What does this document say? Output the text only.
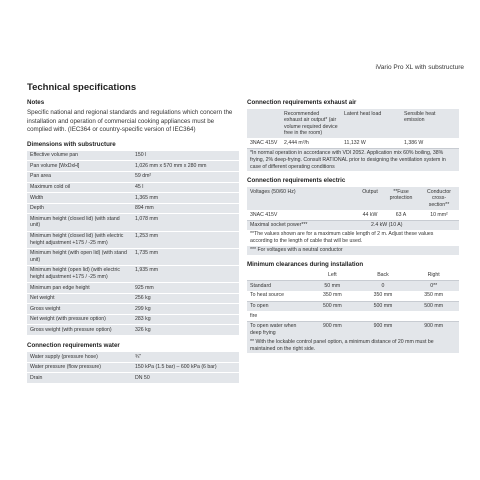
iVario Pro XL with substructure
Technical specifications
Notes
Specific national and regional standards and regulations which concern the installation and operation of commercial cooking appliances must be complied with. (IEC364 or country-specific version of IEC364)
Dimensions with substructure
Effective volume pan	150 l
Pan volume [WxDxH]	1,026 mm x 570 mm x 280 mm
Pan area	59 dm²
Maximum cold oil	45 l
Width	1,365 mm
Depth	894 mm
Minimum height (closed lid) (with stand unit)	1,078 mm
Minimum height (closed lid) (with electric height adjustment +175 / -25 mm)	1,253 mm
Minimum height (with open lid) (with stand unit)	1,735 mm
Minimum height (open lid) (with electric height adjustment +175 / -25 mm)	1,935 mm
Minimum pan edge height	925 mm
Net weight	256 kg
Gross weight	299 kg
Net weight (with pressure option)	283 kg
Gross weight (with pressure option)	326 kg
Connection requirements water
Water supply (pressure hose)	¾"
Water pressure (flow pressure)	150 kPa (1.5 bar) – 600 kPa (6 bar)
Drain	DN 50
Connection requirements exhaust air
	Recommended exhaust air output* (air volume required device free in the room)	Latent heat load	Sensible heat emission
3NAC 415V	2,444 m³/h	11,132 W	1,386 W
*In normal operation in accordance with VDI 2052. Application mix 60% boiling, 38% frying, 2% deep-frying. Consult RATIONAL prior to designing the ventilation system in case of different operating conditions
Connection requirements electric
Voltages (50/60 Hz)	Output	**Fuse protection	Conductor cross-section**
3NAC 415V	44 kW	63 A	10 mm²
Maximal socket power***	2.4 kW (10 A)		
**The values shown are for a maximum cable length of 2 m. Adjust these values according to the length of cable that will be used.
*** For voltages with a neutral conductor
Minimum clearances during installation
	Left	Back	Right
Standard	50 mm	0	0**
To heat source	350 mm	350 mm	350 mm
To open	500 mm	500 mm	500 mm
fire			
To open water when deep frying	900 mm	900 mm	900 mm
** With the lockable control panel option, a minimum distance of 20 mm must be maintained on the right side.
